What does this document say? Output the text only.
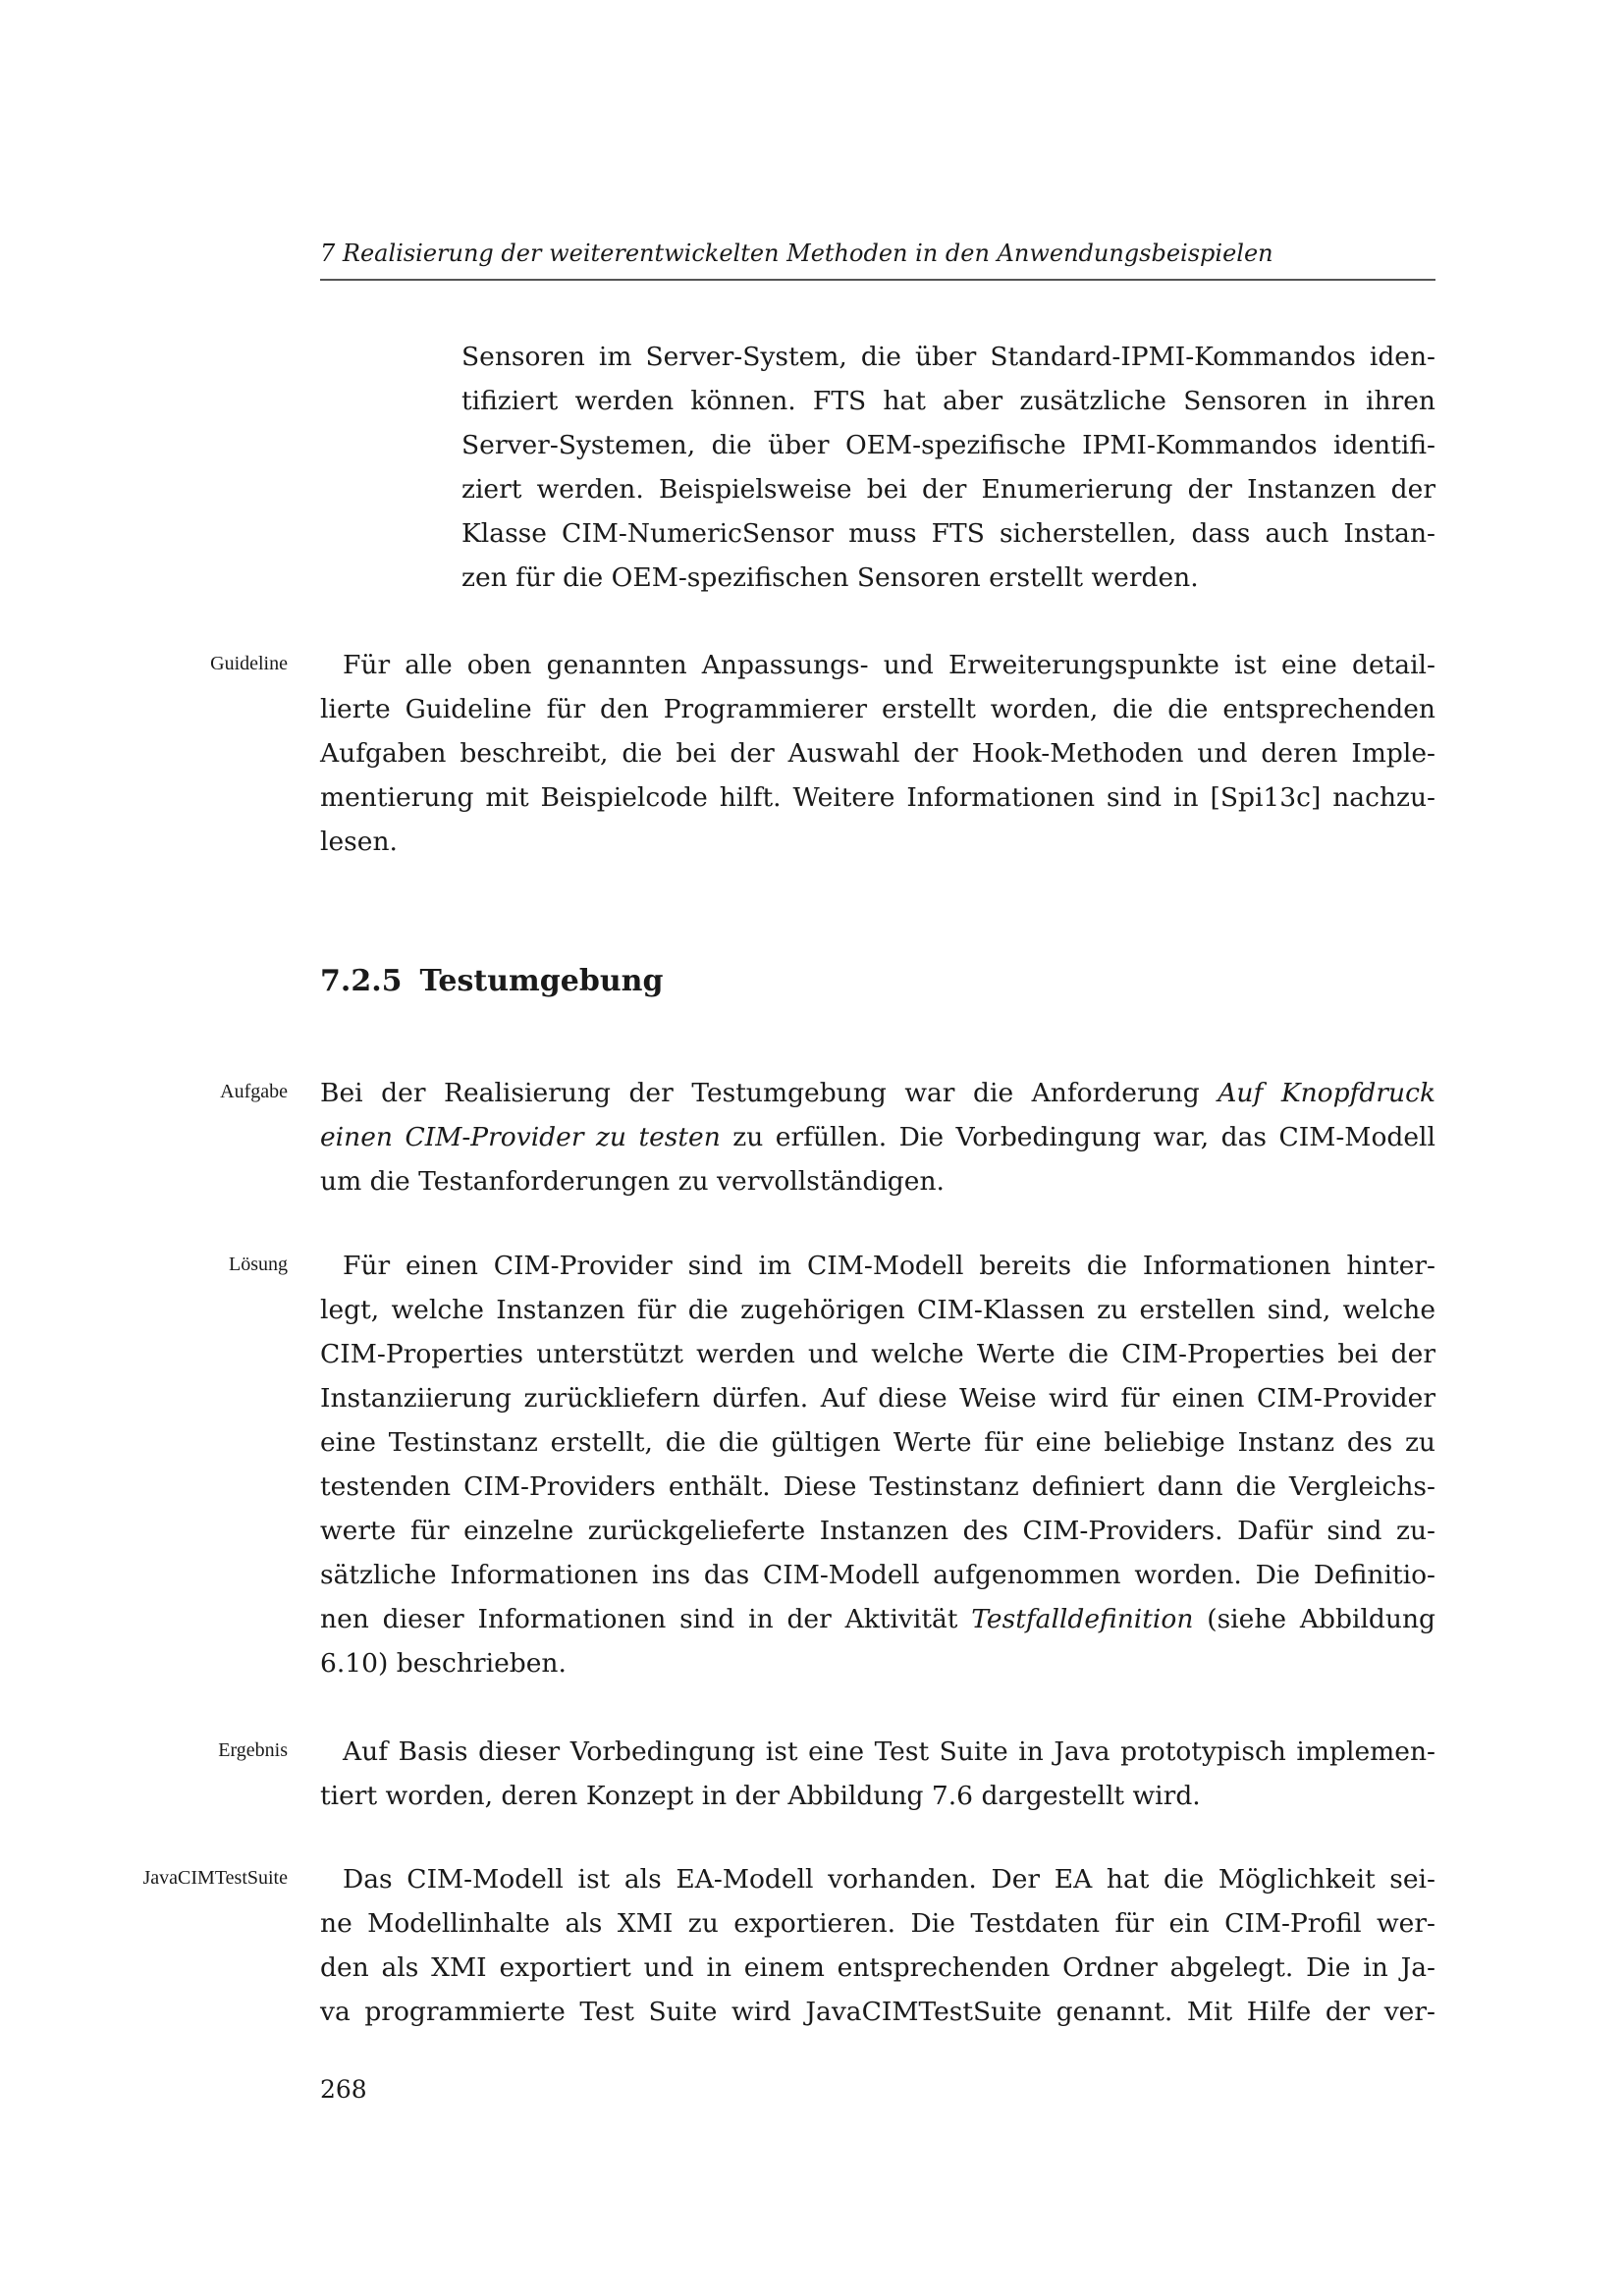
7 Realisierung der weiterentwickelten Methoden in den Anwendungsbeispielen
Sensoren im Server-System, die über Standard-IPMI-Kommandos iden-
tifiziert werden können. FTS hat aber zusätzliche Sensoren in ihren
Server-Systemen, die über OEM-spezifische IPMI-Kommandos identifi-
ziert werden. Beispielsweise bei der Enumerierung der Instanzen der
Klasse CIM-NumericSensor muss FTS sicherstellen, dass auch Instan-
zen für die OEM-spezifischen Sensoren erstellt werden.
Guideline	Für alle oben genannten Anpassungs- und Erweiterungspunkte ist eine detail-
lierte Guideline für den Programmierer erstellt worden, die die entsprechenden
Aufgaben beschreibt, die bei der Auswahl der Hook-Methoden und deren Imple-
mentierung mit Beispielcode hilft. Weitere Informationen sind in [Spi13c] nachzu-
lesen.
7.2.5 Testumgebung
Aufgabe Bei der Realisierung der Testumgebung war die Anforderung Auf Knopfdruck
einen CIM-Provider zu testen zu erfüllen. Die Vorbedingung war, das CIM-Modell
um die Testanforderungen zu vervollständigen.
Lösung	Für einen CIM-Provider sind im CIM-Modell bereits die Informationen hinter-
legt, welche Instanzen für die zugehörigen CIM-Klassen zu erstellen sind, welche
CIM-Properties unterstützt werden und welche Werte die CIM-Properties bei der
Instanziierung zurückliefern dürfen. Auf diese Weise wird für einen CIM-Provider
eine Testinstanz erstellt, die die gültigen Werte für eine beliebige Instanz des zu
testenden CIM-Providers enthält. Diese Testinstanz definiert dann die Vergleichs-
werte für einzelne zurückgelieferte Instanzen des CIM-Providers. Dafür sind zu-
sätzliche Informationen ins das CIM-Modell aufgenommen worden. Die Definitio-
nen dieser Informationen sind in der Aktivität Testfalldefinition (siehe Abbildung
6.10) beschrieben.
Ergebnis	Auf Basis dieser Vorbedingung ist eine Test Suite in Java prototypisch implemen-
tiert worden, deren Konzept in der Abbildung 7.6 dargestellt wird.
JavaCIMTestSuite	Das CIM-Modell ist als EA-Modell vorhanden. Der EA hat die Möglichkeit sei-
ne Modellinhalte als XMI zu exportieren. Die Testdaten für ein CIM-Profil wer-
den als XMI exportiert und in einem entsprechenden Ordner abgelegt. Die in Ja-
va programmierte Test Suite wird JavaCIMTestSuite genannt. Mit Hilfe der ver-
268
